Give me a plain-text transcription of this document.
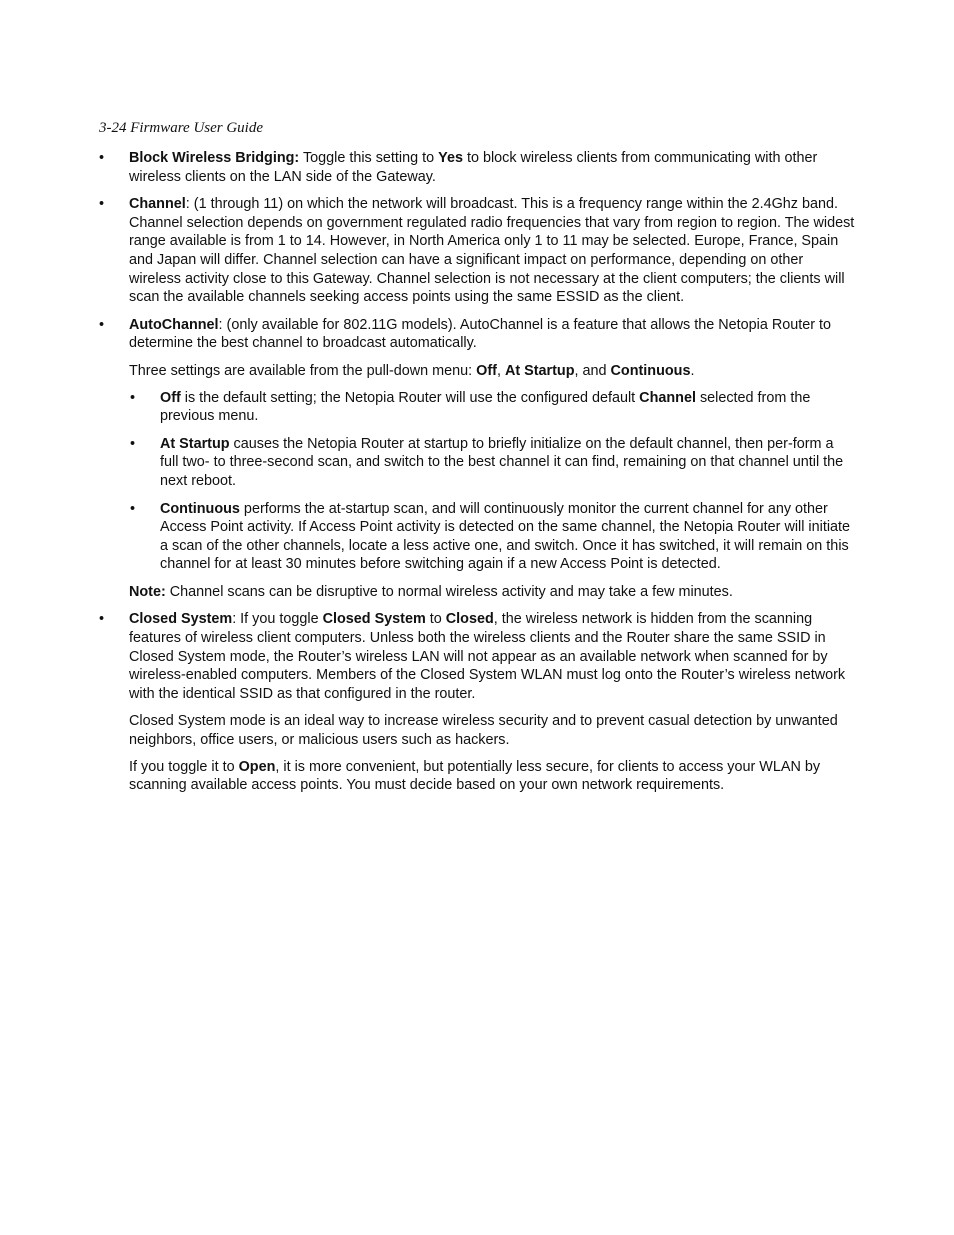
3-24 Firmware User Guide
•	Block Wireless Bridging: Toggle this setting to Yes to block wireless clients from communicating with other wireless clients on the LAN side of the Gateway.
•	Channel: (1 through 11) on which the network will broadcast. This is a frequency range within the 2.4Ghz band. Channel selection depends on government regulated radio frequencies that vary from region to region. The widest range available is from 1 to 14. However, in North America only 1 to 11 may be selected. Europe, France, Spain and Japan will differ. Channel selection can have a significant impact on performance, depending on other wireless activity close to this Gateway. Channel selection is not necessary at the client computers; the clients will scan the available channels seeking access points using the same ESSID as the client.
•	AutoChannel: (only available for 802.11G models). AutoChannel is a feature that allows the Netopia Router to determine the best channel to broadcast automatically.
Three settings are available from the pull-down menu: Off, At Startup, and Continuous.
•	Off is the default setting; the Netopia Router will use the configured default Channel selected from the previous menu.
•	At Startup causes the Netopia Router at startup to briefly initialize on the default channel, then per-form a full two- to three-second scan, and switch to the best channel it can find, remaining on that channel until the next reboot.
•	Continuous performs the at-startup scan, and will continuously monitor the current channel for any other Access Point activity. If Access Point activity is detected on the same channel, the Netopia Router will initiate a scan of the other channels, locate a less active one, and switch. Once it has switched, it will remain on this channel for at least 30 minutes before switching again if a new Access Point is detected.
Note: Channel scans can be disruptive to normal wireless activity and may take a few minutes.
•	Closed System: If you toggle Closed System to Closed, the wireless network is hidden from the scanning features of wireless client computers. Unless both the wireless clients and the Router share the same SSID in Closed System mode, the Router’s wireless LAN will not appear as an available network when scanned for by wireless-enabled computers. Members of the Closed System WLAN must log onto the Router’s wireless network with the identical SSID as that configured in the router.
Closed System mode is an ideal way to increase wireless security and to prevent casual detection by unwanted neighbors, office users, or malicious users such as hackers.
If you toggle it to Open, it is more convenient, but potentially less secure, for clients to access your WLAN by scanning available access points. You must decide based on your own network requirements.
